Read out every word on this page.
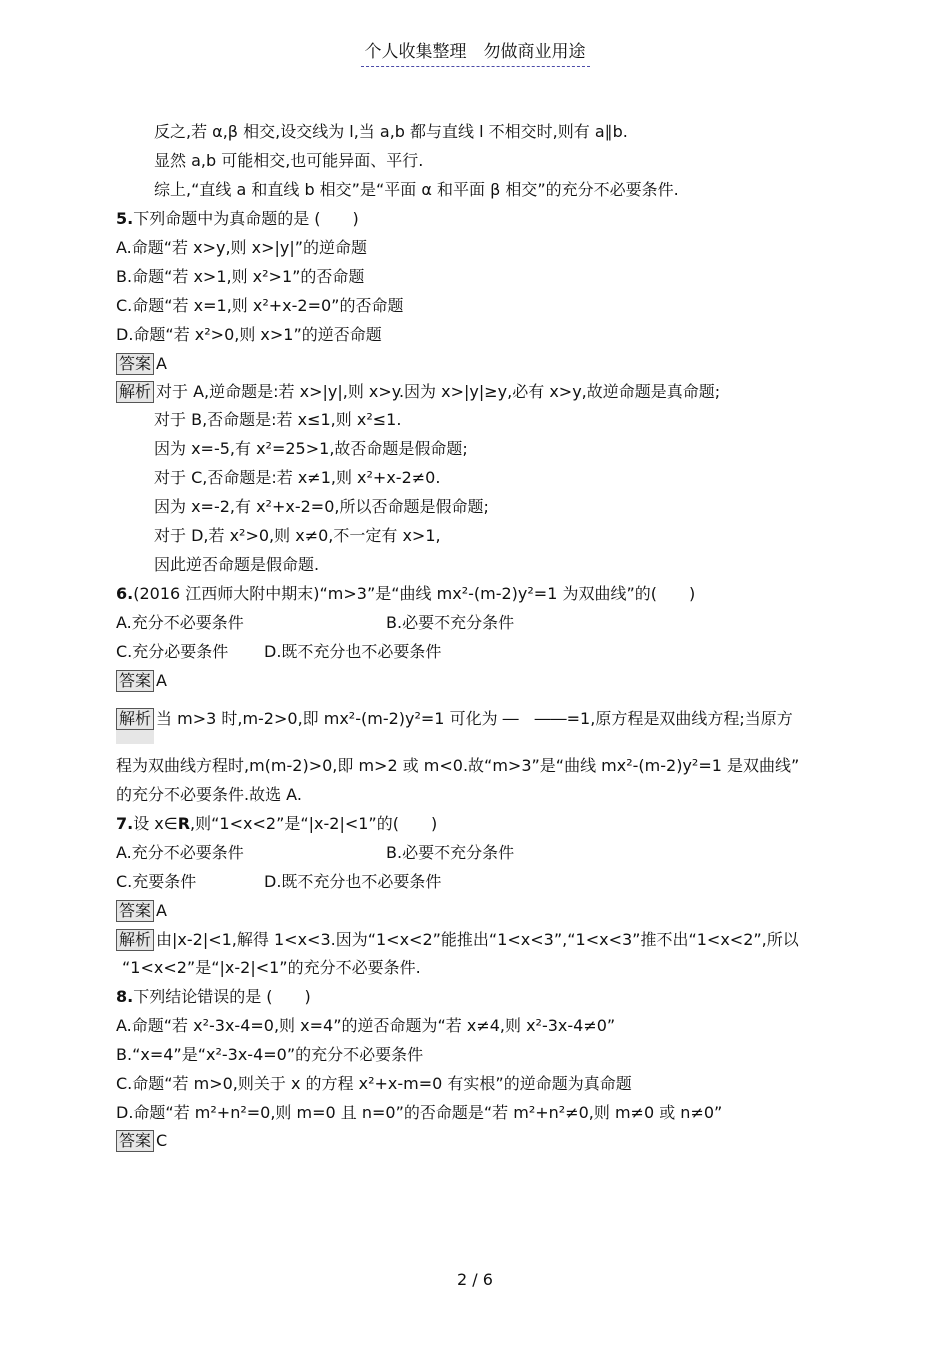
个人收集整理　勿做商业用途
反之,若 α,β 相交,设交线为 l,当 a,b 都与直线 l 不相交时,则有 a∥b.
显然 a,b 可能相交,也可能异面、平行.
综上,“直线 a 和直线 b 相交”是“平面 α 和平面 β 相交”的充分不必要条件.
5.下列命题中为真命题的是 (　　)
A.命题“若 x>y,则 x>|y|”的逆命题
B.命题“若 x>1,则 x²>1”的否命题
C.命题“若 x=1,则 x²+x-2=0”的否命题
D.命题“若 x²>0,则 x>1”的逆否命题
答案 A
解析 对于 A,逆命题是:若 x>|y|,则 x>y.因为 x>|y|≥y,必有 x>y,故逆命题是真命题;
对于 B,否命题是:若 x≤1,则 x²≤1.
因为 x=-5,有 x²=25>1,故否命题是假命题;
对于 C,否命题是:若 x≠1,则 x²+x-2≠0.
因为 x=-2,有 x²+x-2=0,所以否命题是假命题;
对于 D,若 x²>0,则 x≠0,不一定有 x>1,
因此逆否命题是假命题.
6.(2016 江西师大附中期末)“m>3”是“曲线 mx²-(m-2)y²=1 为双曲线”的(　　)
A.充分不必要条件	B.必要不充分条件
C.充分必要条件 D.既不充分也不必要条件
答案 A
解析 当 m>3 时,m-2>0,即 mx²-(m-2)y²=1 可化为 ―　――=1,原方程是双曲线方程;当原方
程为双曲线方程时,m(m-2)>0,即 m>2 或 m<0.故“m>3”是“曲线 mx²-(m-2)y²=1 是双曲线”
的充分不必要条件.故选 A.
7.设 x∈R,则“1<x<2”是“|x-2|<1”的(　　)
A.充分不必要条件	B.必要不充分条件
C.充要条件	D.既不充分也不必要条件
答案 A
解析 由|x-2|<1,解得 1<x<3.因为“1<x<2”能推出“1<x<3”,“1<x<3”推不出“1<x<2”,所以
“1<x<2”是“|x-2|<1”的充分不必要条件.
8.下列结论错误的是 (　　)
A.命题“若 x²-3x-4=0,则 x=4”的逆否命题为“若 x≠4,则 x²-3x-4≠0”
B.“x=4”是“x²-3x-4=0”的充分不必要条件
C.命题“若 m>0,则关于 x 的方程 x²+x-m=0 有实根”的逆命题为真命题
D.命题“若 m²+n²=0,则 m=0 且 n=0”的否命题是“若 m²+n²≠0,则 m≠0 或 n≠0”
答案 C
2 / 6
